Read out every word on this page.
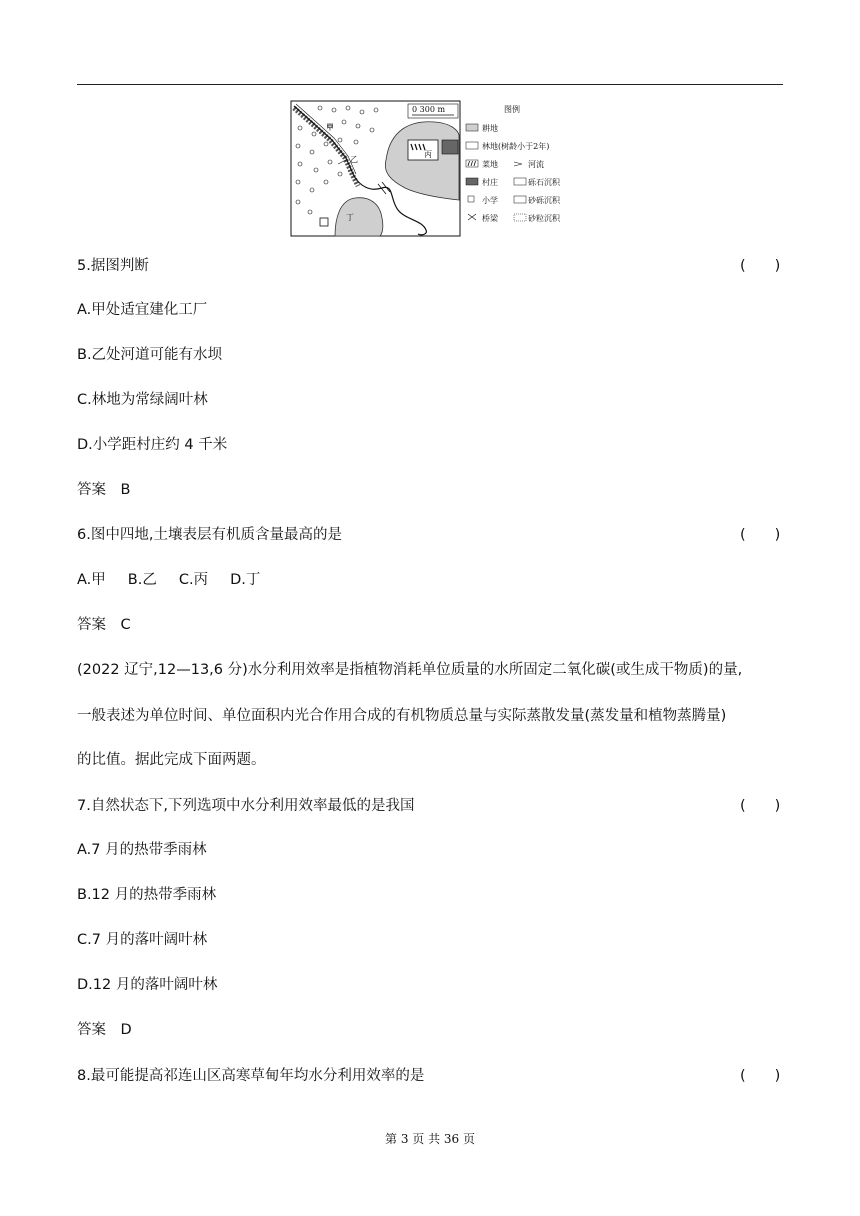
0 300 m
丙
甲
乙
丁
图例
耕地
林地(树龄小于2年)
菜地	河流
村庄	砾石沉积
小学	砂砾沉积
桥梁	砂粒沉积
5.据图判断	(　　)
A.甲处适宜建化工厂
B.乙处河道可能有水坝
C.林地为常绿阔叶林
D.小学距村庄约 4 千米
答案　B
6.图中四地,土壤表层有机质含量最高的是	(　　)
A.甲 B.乙 C.丙 D.丁
答案　C
(2022 辽宁,12—13,6 分)水分利用效率是指植物消耗单位质量的水所固定二氧化碳(或生成干物质)的量,
一般表述为单位时间、单位面积内光合作用合成的有机物质总量与实际蒸散发量(蒸发量和植物蒸腾量)
的比值。据此完成下面两题。
7.自然状态下,下列选项中水分利用效率最低的是我国	(　　)
A.7 月的热带季雨林
B.12 月的热带季雨林
C.7 月的落叶阔叶林
D.12 月的落叶阔叶林
答案　D
8.最可能提高祁连山区高寒草甸年均水分利用效率的是	(　　)
第 3 页 共 36 页
